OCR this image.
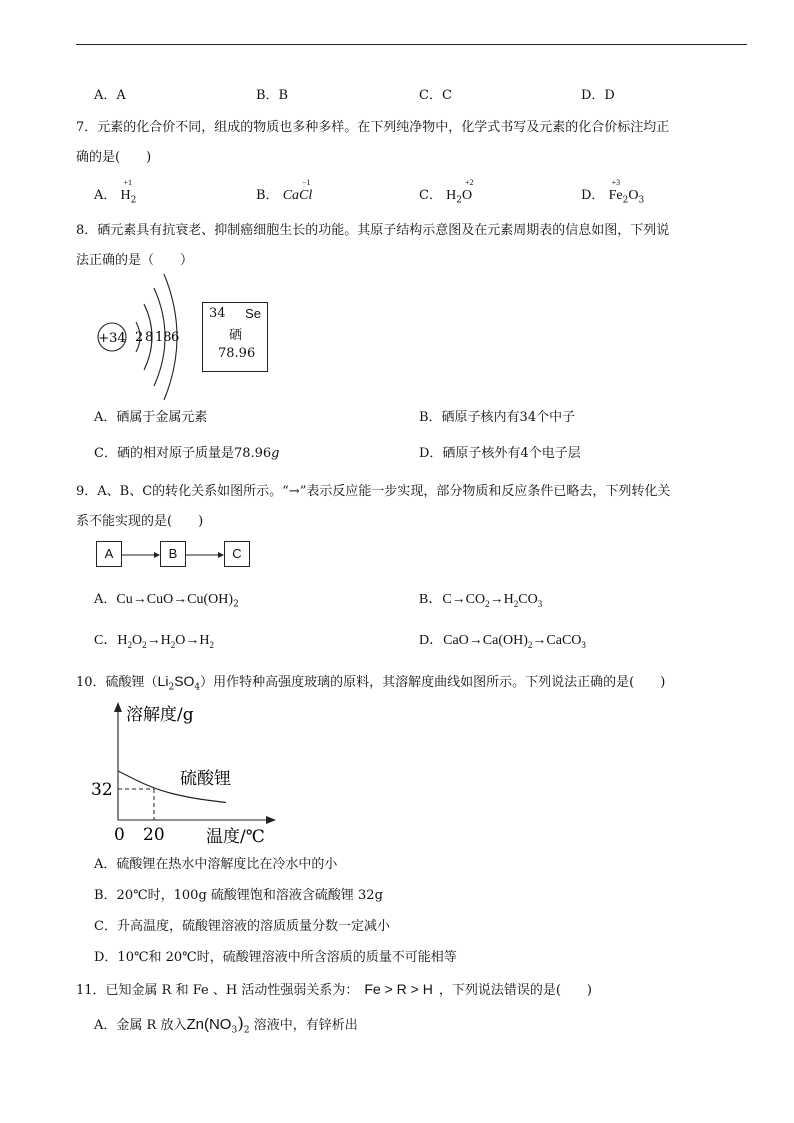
A．A	B．B	C．C	D．D
7．元素的化合价不同，组成的物质也多种多样。在下列纯净物中，化学式书写及元素的化合价标注均正
确的是(　　)
A．
+1
$H_2$	B． Ca
−1
Cl	C． $H_2$
+2
O	D．
+3
$Fe_2O_3$
8．硒元素具有抗衰老、抑制癌细胞生长的功能。其原子结构示意图及在元素周期表的信息如图，下列说
法正确的是（　　）
+34 2 8 18 6
34 Se
硒
78.96
A．硒属于金属元素	B．硒原子核内有34个中子
C．硒的相对原子质量是78.96g	D．硒原子核外有4个电子层
9．A、B、C的转化关系如图所示。“→”表示反应能一步实现，部分物质和反应条件已略去，下列转化关
系不能实现的是(　　)
A	B	C
A．$Cu\to CuO\to Cu(OH)_2$	B．$C\to CO_2\to H_2CO_3$
C．$H_2O_2\to H_2O\to H_2$	D．$CaO\to Ca(OH)_2\to CaCO_3$
10．硫酸锂$(Li_2SO_4)$用作特种高强度玻璃的原料，其溶解度曲线如图所示。下列说法正确的是(　　)
溶解度/g
温度/℃
0 20
32
硫酸锂
A．硫酸锂在热水中溶解度比在冷水中的小
B．20℃时，100g 硫酸锂饱和溶液含硫酸锂 32g
C．升高温度，硫酸锂溶液的溶质质量分数一定减小
D．10℃和 20℃时，硫酸锂溶液中所含溶质的质量不可能相等
11．已知金属 R 和 Fe 、H 活动性强弱关系为： Fe > R > H ，下列说法错误的是(　　)
A．金属 R 放入$Zn(NO_3)_2$ 溶液中，有锌析出
